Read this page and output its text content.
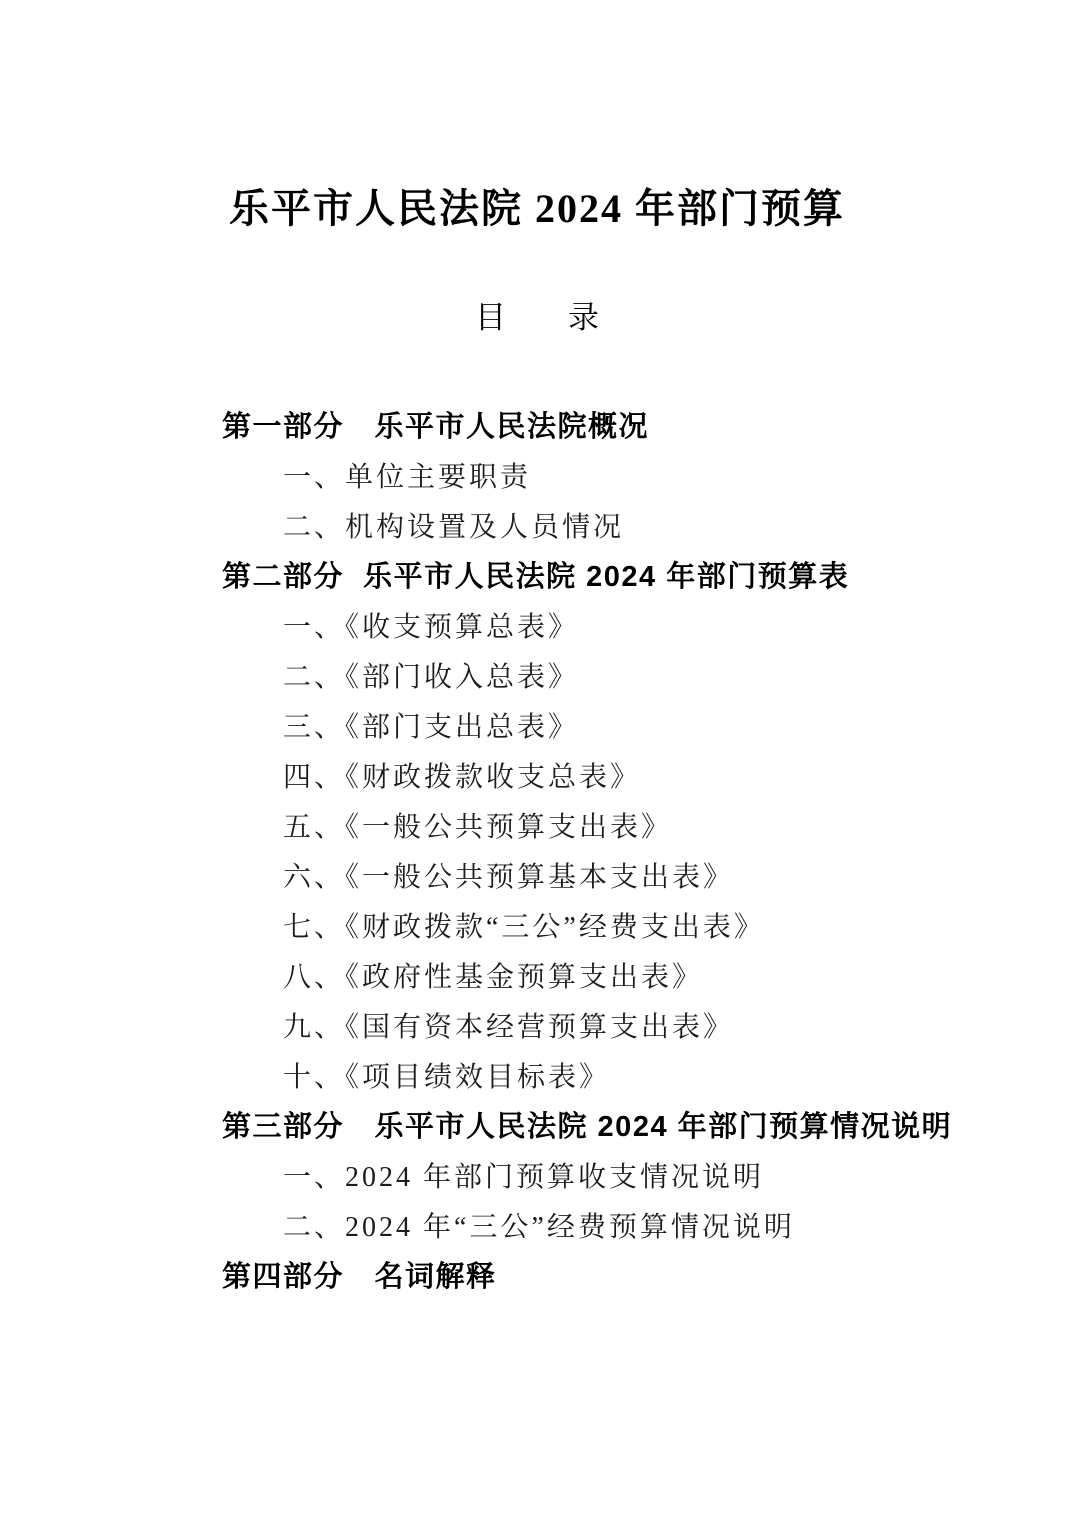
乐平市人民法院 2024 年部门预算
目　　录
第一部分　乐平市人民法院概况
一、单位主要职责
二、机构设置及人员情况
第二部分  乐平市人民法院 2024 年部门预算表
一、《收支预算总表》
二、《部门收入总表》
三、《部门支出总表》
四、《财政拨款收支总表》
五、《一般公共预算支出表》
六、《一般公共预算基本支出表》
七、《财政拨款“三公”经费支出表》
八、《政府性基金预算支出表》
九、《国有资本经营预算支出表》
十、《项目绩效目标表》
第三部分　乐平市人民法院 2024 年部门预算情况说明
一、2024 年部门预算收支情况说明
二、2024 年“三公”经费预算情况说明
第四部分　名词解释
